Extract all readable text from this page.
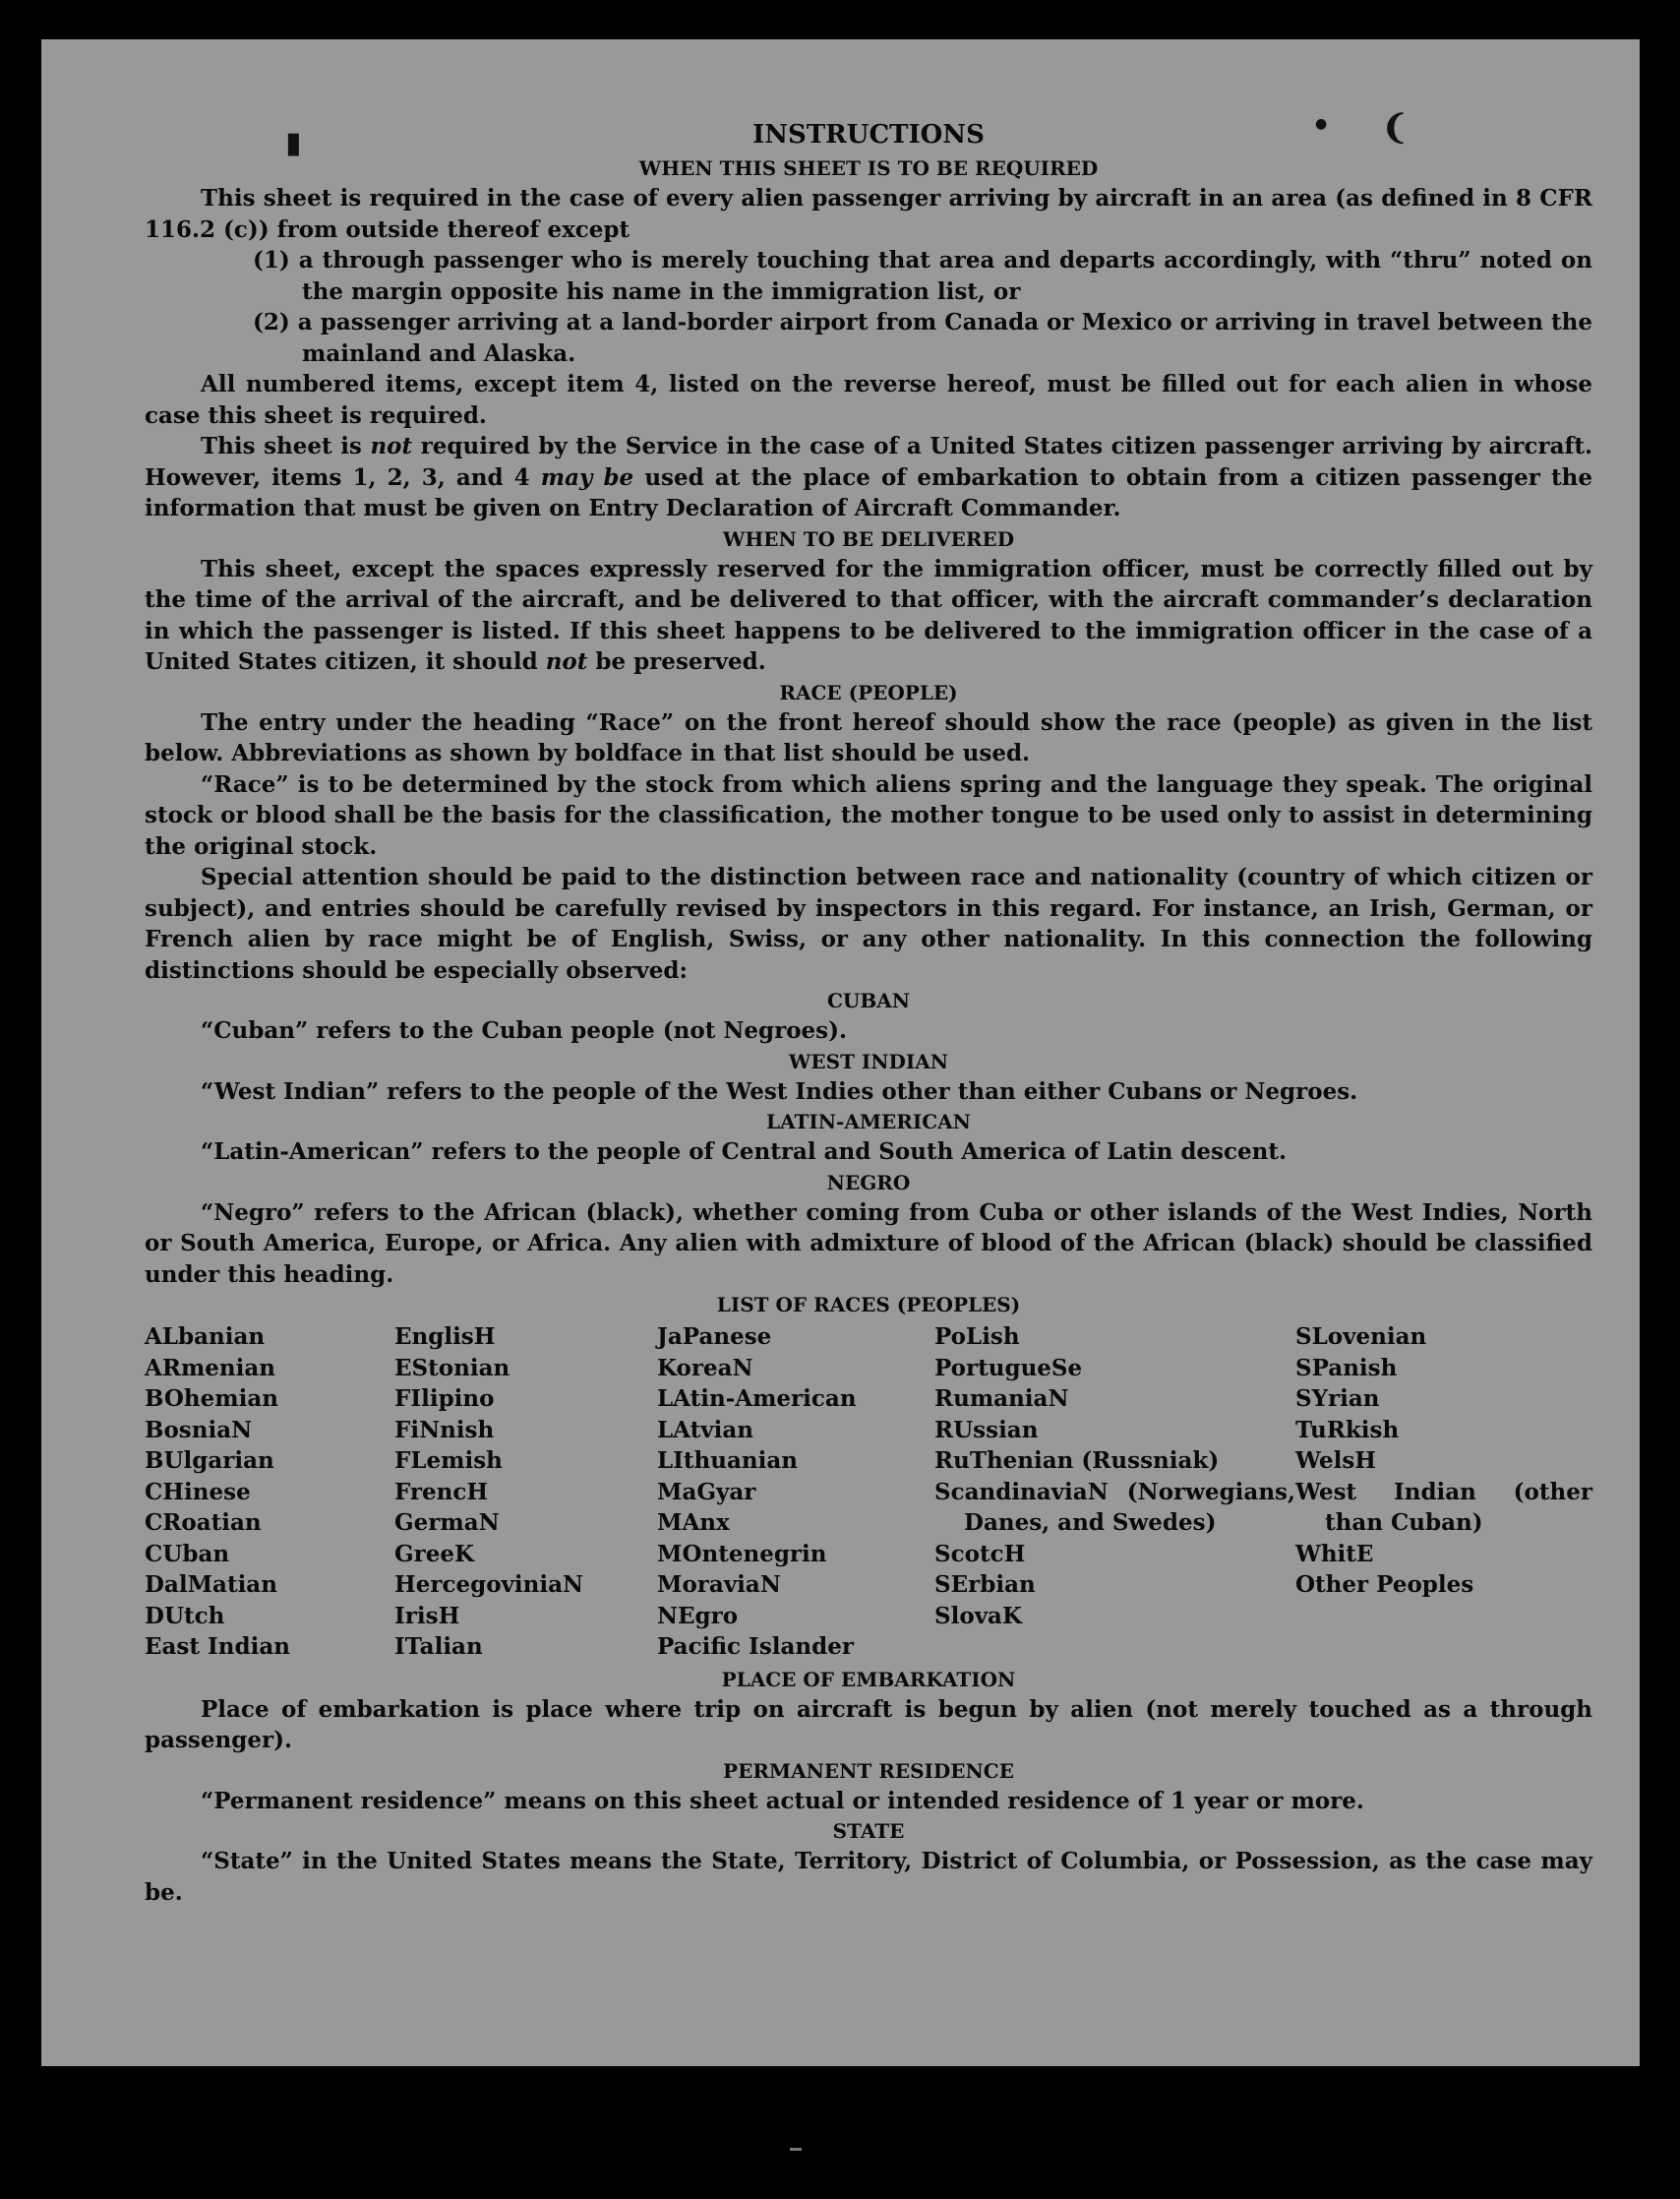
▮	❨
●
INSTRUCTIONS
WHEN THIS SHEET IS TO BE REQUIRED

This sheet is required in the case of every alien passenger arriving by aircraft in an area (as defined in 8 CFR 116.2 (c)) from outside thereof except

(1) a through passenger who is merely touching that area and departs accordingly, with “thru” noted on the margin opposite his name in the immigration list, or

(2) a passenger arriving at a land-border airport from Canada or Mexico or arriving in travel between the mainland and Alaska.

All numbered items, except item 4, listed on the reverse hereof, must be filled out for each alien in whose case this sheet is required.

This sheet is not required by the Service in the case of a United States citizen passenger arriving by aircraft. However, items 1, 2, 3, and 4 may be used at the place of embarkation to obtain from a citizen passenger the information that must be given on Entry Declaration of Aircraft Commander.

WHEN TO BE DELIVERED

This sheet, except the spaces expressly reserved for the immigration officer, must be correctly filled out by the time of the arrival of the aircraft, and be delivered to that officer, with the aircraft commander’s declaration in which the passenger is listed. If this sheet happens to be delivered to the immigration officer in the case of a United States citizen, it should not be preserved.

RACE (PEOPLE)

The entry under the heading “Race” on the front hereof should show the race (people) as given in the list below. Abbreviations as shown by boldface in that list should be used.

“Race” is to be determined by the stock from which aliens spring and the language they speak. The original stock or blood shall be the basis for the classification, the mother tongue to be used only to assist in determining the original stock.

Special attention should be paid to the distinction between race and nationality (country of which citizen or subject), and entries should be carefully revised by inspectors in this regard. For instance, an Irish, German, or French alien by race might be of English, Swiss, or any other nationality. In this connection the following distinctions should be especially observed:

CUBAN

“Cuban” refers to the Cuban people (not Negroes).

WEST INDIAN

“West Indian” refers to the people of the West Indies other than either Cubans or Negroes.

LATIN-AMERICAN

“Latin-American” refers to the people of Central and South America of Latin descent.

NEGRO

“Negro” refers to the African (black), whether coming from Cuba or other islands of the West Indies, North or South America, Europe, or Africa. Any alien with admixture of blood of the African (black) should be classified under this heading.

LIST OF RACES (PEOPLES)
ALbanian
ARmenian
BOhemian
BosniaN
BUlgarian
CHinese
CRoatian
CUban
DalMatian
DUtch
East Indian
EnglisH
EStonian
FIlipino
FiNnish
FLemish
FrencH
GermaN
GreeK
HercegoviniaN
IrisH
ITalian
JaPanese
KoreaN
LAtin-American
LAtvian
LIthuanian
MaGyar
MAnx
MOntenegrin
MoraviaN
NEgro
Pacific Islander
PoLish
PortugueSe
RumaniaN
RUssian
RuThenian (Russniak)
ScandinaviaN (Norwegians, Danes, and Swedes)
ScotcH
SErbian
SlovaK
SLovenian
SPanish
SYrian
TuRkish
WelsH
West Indian (other than Cuban)
WhitE
Other Peoples
PLACE OF EMBARKATION

Place of embarkation is place where trip on aircraft is begun by alien (not merely touched as a through passenger).

PERMANENT RESIDENCE

“Permanent residence” means on this sheet actual or intended residence of 1 year or more.

STATE

“State” in the United States means the State, Territory, District of Columbia, or Possession, as the case may be.
